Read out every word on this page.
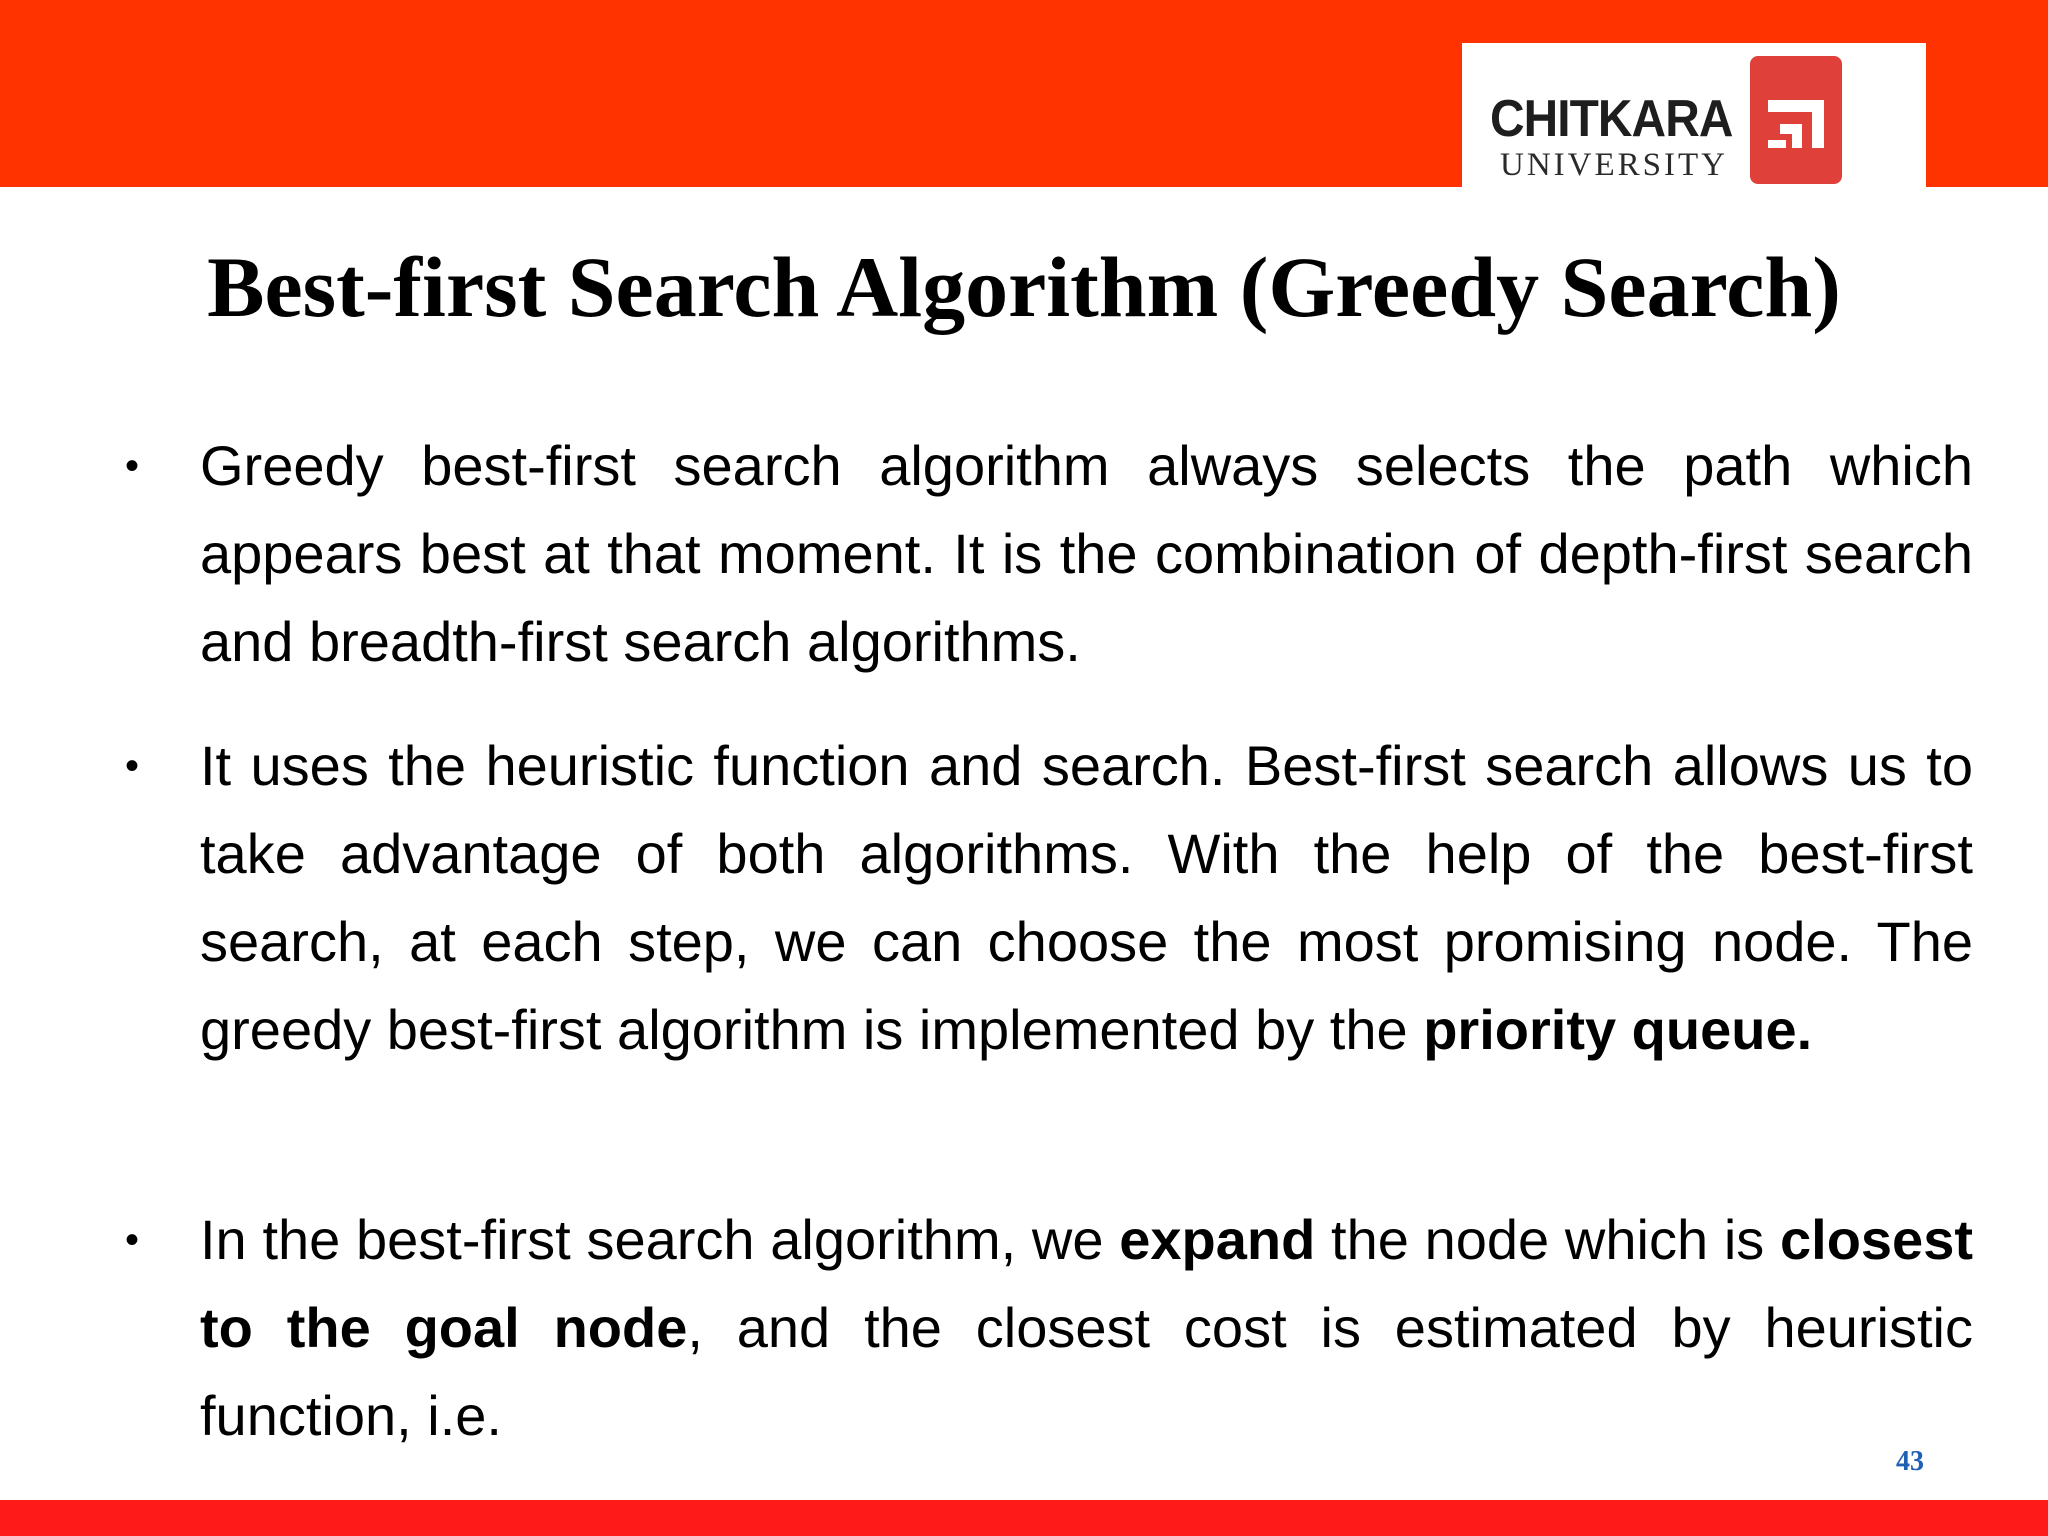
CHITKARA
UNIVERSITY
Best-first Search Algorithm (Greedy Search)
• Greedy best-first search algorithm always selects the path which appears best at that moment. It is the combination of depth-first search and breadth-first search algorithms.
• It uses the heuristic function and search. Best-first search allows us to take advantage of both algorithms. With the help of the best-first search, at each step, we can choose the most promising node. The greedy best-first algorithm is implemented by the priority queue.
• In the best-first search algorithm, we expand the node which is closest to the goal node, and the closest cost is estimated by heuristic function, i.e.
43
